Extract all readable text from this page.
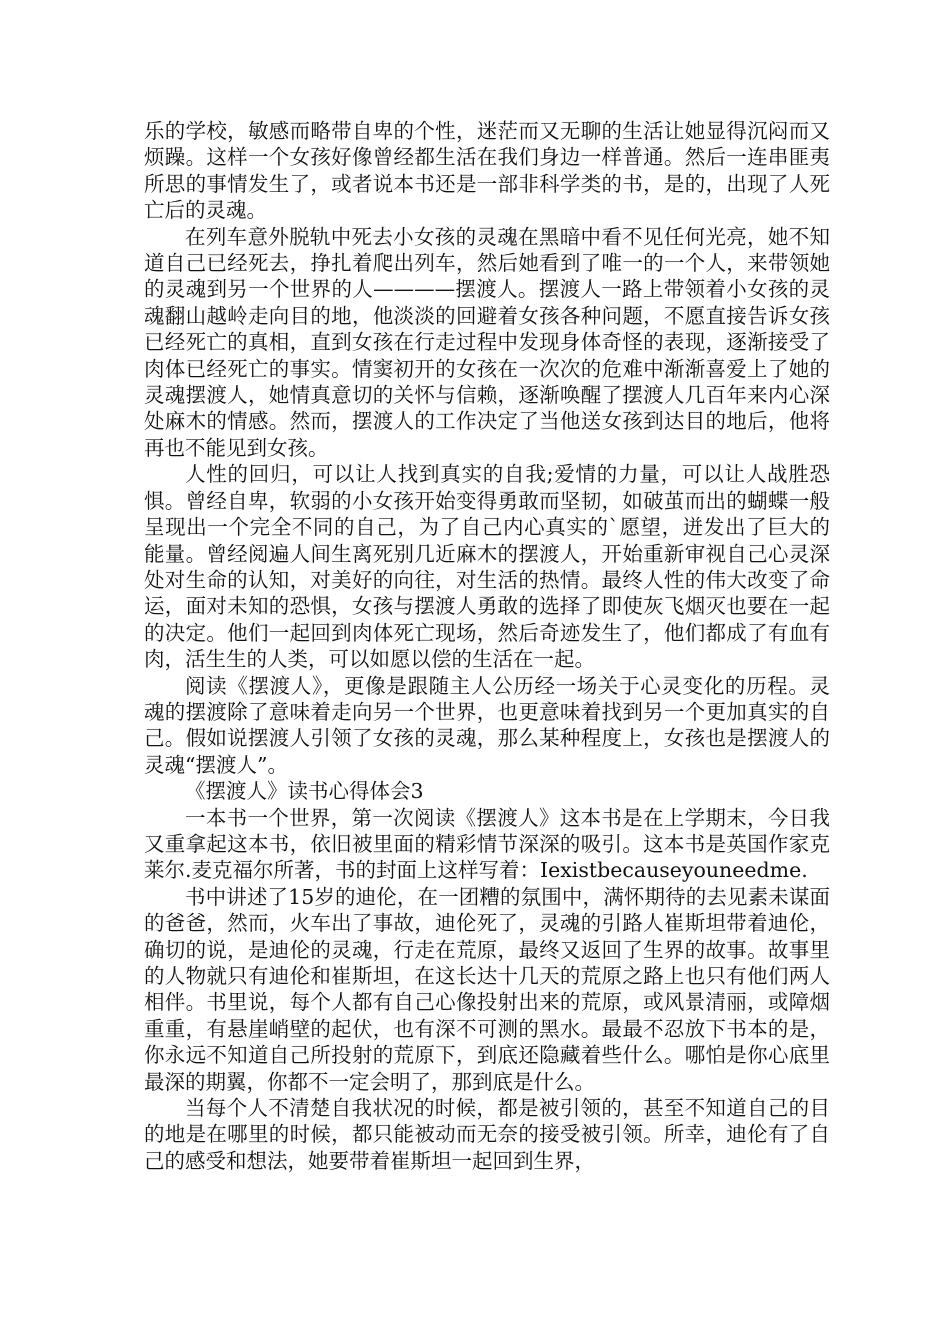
乐的学校，敏感而略带自卑的个性，迷茫而又无聊的生活让她显得沉闷而又烦躁。这样一个女孩好像曾经都生活在我们身边一样普通。然后一连串匪夷所思的事情发生了，或者说本书还是一部非科学类的书，是的，出现了人死亡后的灵魂。

在列车意外脱轨中死去小女孩的灵魂在黑暗中看不见任何光亮，她不知道自己已经死去，挣扎着爬出列车，然后她看到了唯一的一个人，来带领她的灵魂到另一个世界的人————摆渡人。摆渡人一路上带领着小女孩的灵魂翻山越岭走向目的地，他淡淡的回避着女孩各种问题，不愿直接告诉女孩已经死亡的真相，直到女孩在行走过程中发现身体奇怪的表现，逐渐接受了肉体已经死亡的事实。情窦初开的女孩在一次次的危难中渐渐喜爱上了她的灵魂摆渡人，她情真意切的关怀与信赖，逐渐唤醒了摆渡人几百年来内心深处麻木的情感。然而，摆渡人的工作决定了当他送女孩到达目的地后，他将再也不能见到女孩。

人性的回归，可以让人找到真实的自我;爱情的力量，可以让人战胜恐惧。曾经自卑，软弱的小女孩开始变得勇敢而坚韧，如破茧而出的蝴蝶一般呈现出一个完全不同的自己，为了自己内心真实的`愿望，迸发出了巨大的能量。曾经阅遍人间生离死别几近麻木的摆渡人，开始重新审视自己心灵深处对生命的认知，对美好的向往，对生活的热情。最终人性的伟大改变了命运，面对未知的恐惧，女孩与摆渡人勇敢的选择了即使灰飞烟灭也要在一起的决定。他们一起回到肉体死亡现场，然后奇迹发生了，他们都成了有血有肉，活生生的人类，可以如愿以偿的生活在一起。

阅读《摆渡人》，更像是跟随主人公历经一场关于心灵变化的历程。灵魂的摆渡除了意味着走向另一个世界，也更意味着找到另一个更加真实的自己。假如说摆渡人引领了女孩的灵魂，那么某种程度上，女孩也是摆渡人的灵魂“摆渡人”。

《摆渡人》读书心得体会3

一本书一个世界，第一次阅读《摆渡人》这本书是在上学期末，今日我又重拿起这本书，依旧被里面的精彩情节深深的吸引。这本书是英国作家克莱尔.麦克福尔所著，书的封面上这样写着：Iexistbecauseyouneedme.

书中讲述了15岁的迪伦，在一团糟的氛围中，满怀期待的去见素未谋面的爸爸，然而，火车出了事故，迪伦死了，灵魂的引路人崔斯坦带着迪伦，确切的说，是迪伦的灵魂，行走在荒原，最终又返回了生界的故事。故事里的人物就只有迪伦和崔斯坦，在这长达十几天的荒原之路上也只有他们两人相伴。书里说，每个人都有自己心像投射出来的荒原，或风景清丽，或障烟重重，有悬崖峭壁的起伏，也有深不可测的黑水。最最不忍放下书本的是，你永远不知道自己所投射的荒原下，到底还隐藏着些什么。哪怕是你心底里最深的期翼，你都不一定会明了，那到底是什么。

当每个人不清楚自我状况的时候，都是被引领的，甚至不知道自己的目的地是在哪里的时候，都只能被动而无奈的接受被引领。所幸，迪伦有了自己的感受和想法，她要带着崔斯坦一起回到生界，
